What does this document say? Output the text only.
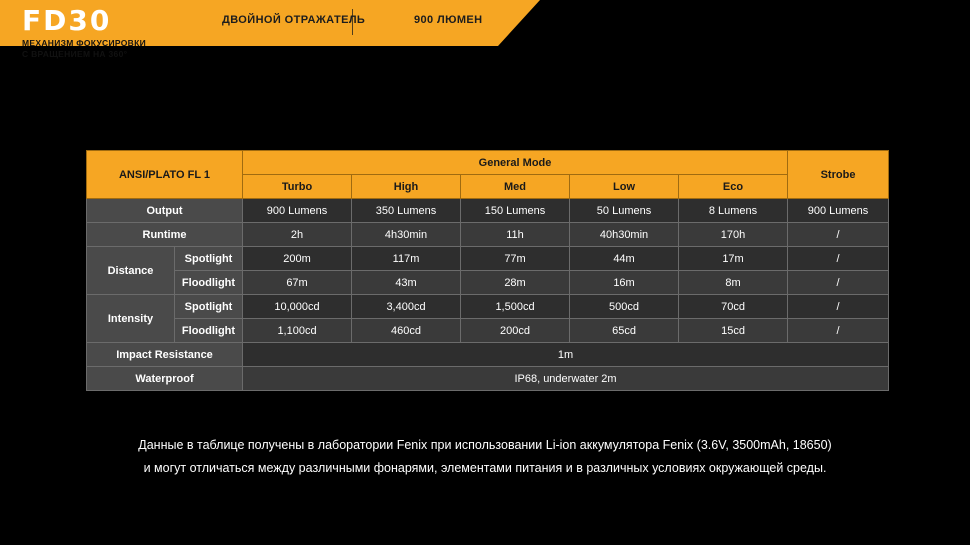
ДВОЙНОЙ ОТРАЖАТЕЛЬ	900 ЛЮМЕН
FD30
МЕХАНИЗМ ФОКУСИРОВКИ
С ВРАЩЕНИЕМ НА 360°
ANSI/PLATO FL 1		General Mode					Strobe
		Turbo	High	Med	Low	Eco	
Output		900 Lumens	350 Lumens	150 Lumens	50 Lumens	8 Lumens	900 Lumens
Runtime		2h	4h30min	11h	40h30min	170h	/
Distance	Spotlight	200m	117m	77m	44m	17m	/
	Floodlight	67m	43m	28m	16m	8m	/
Intensity	Spotlight	10,000cd	3,400cd	1,500cd	500cd	70cd	/
	Floodlight	1,100cd	460cd	200cd	65cd	15cd	/
Impact Resistance		1m					
Waterproof		IP68, underwater 2m					
Данные в таблице получены в лаборатории Fenix при использовании Li-ion аккумулятора Fenix (3.6V, 3500mAh, 18650)
и могут отличаться между различными фонарями, элементами питания и в различных условиях окружающей среды.
